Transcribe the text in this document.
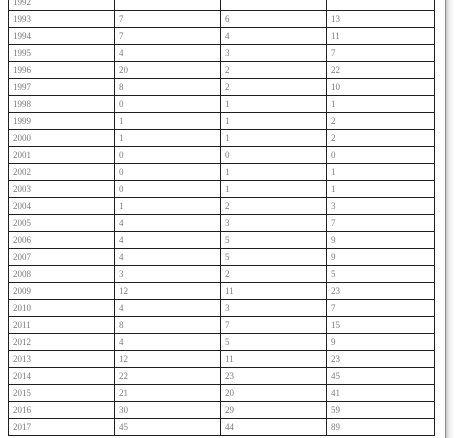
1992			
1993	7	6	13
1994	7	4	11
1995	4	3	7
1996	20	2	22
1997	8	2	10
1998	0	1	1
1999	1	1	2
2000	1	1	2
2001	0	0	0
2002	0	1	1
2003	0	1	1
2004	1	2	3
2005	4	3	7
2006	4	5	9
2007	4	5	9
2008	3	2	5
2009	12	11	23
2010	4	3	7
2011	8	7	15
2012	4	5	9
2013	12	11	23
2014	22	23	45
2015	21	20	41
2016	30	29	59
2017	45	44	89
